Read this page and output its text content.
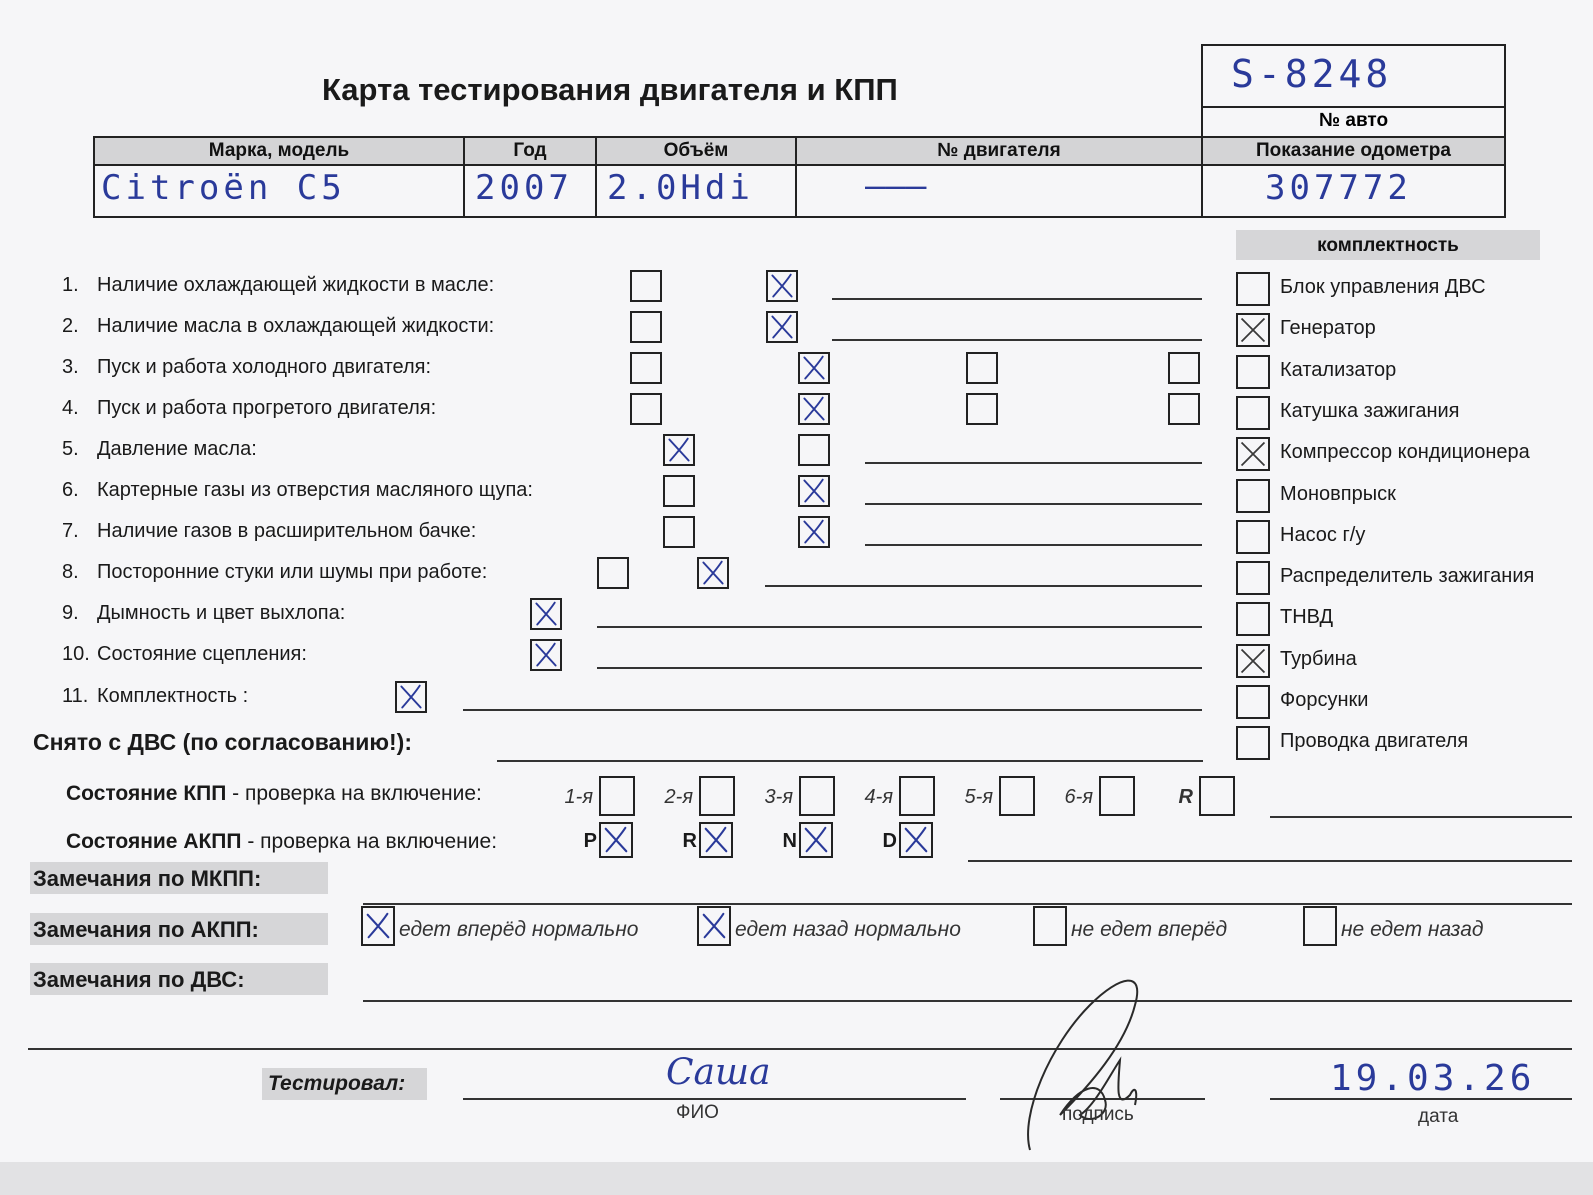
Карта тестирования двигателя и КПП	S-8248
№ авто
Марка, модель	Год	Объём	№ двигателя	Показание одометра
Citroën C5	2007 2.0Hdi	———	307772
комплектность
1. Наличие охлаждающей жидкости в масле:
2. Наличие масла в охлаждающей жидкости:
3. Пуск и работа холодного двигателя:
4. Пуск и работа прогретого двигателя:
5. Давление масла:
6. Картерные газы из отверстия масляного щупа:
7. Наличие газов в расширительном бачке:
8. Посторонние стуки или шумы при работе:
9. Дымность и цвет выхлопа:
10. Состояние сцепления:
11. Комплектность :
Блок управления ДВС
Генератор
Катализатор
Катушка зажигания
Компрессор кондиционера
Моновпрыск
Насос г/у
Распределитель зажигания
ТНВД
Турбина
Форсунки
Проводка двигателя
Снято с ДВС (по согласованию!):
Состояние КПП - проверка на включение:	1-я	2-я	3-я	4-я	5-я	6-я	R
Состояние АКПП - проверка на включение:	P	R	N	D
Замечания по МКПП:
Замечания по АКПП:	едет вперёд нормально	едет назад нормально	не едет вперёд	не едет назад
Замечания по ДВС:
Тестировал:	Саша
ФИО	подпись
19.03.26
дата
